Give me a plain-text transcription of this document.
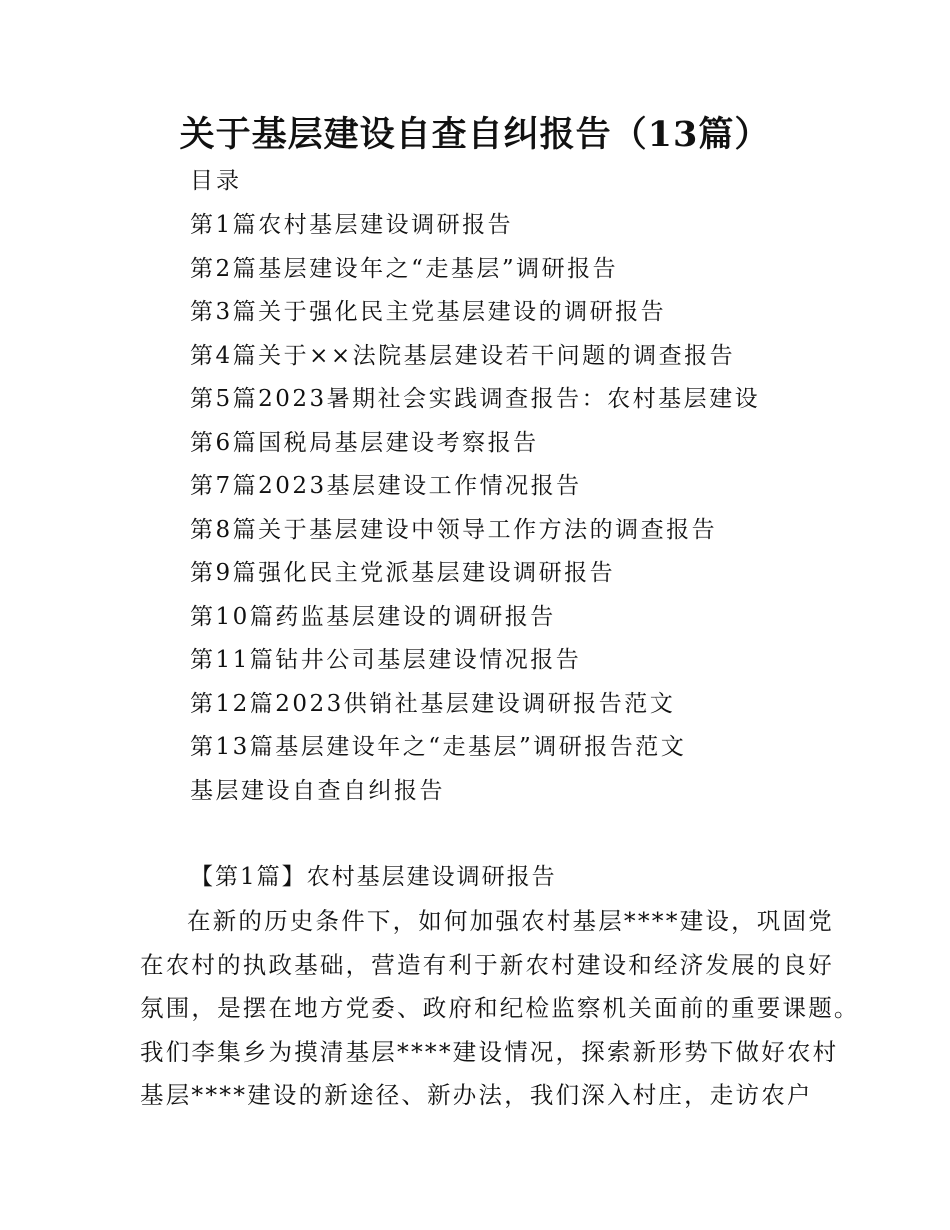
关于基层建设自查自纠报告（13篇）
目录
第1篇农村基层建设调研报告
第2篇基层建设年之“走基层”调研报告
第3篇关于强化民主党基层建设的调研报告
第4篇关于××法院基层建设若干问题的调查报告
第5篇2023暑期社会实践调查报告：农村基层建设
第6篇国税局基层建设考察报告
第7篇2023基层建设工作情况报告
第8篇关于基层建设中领导工作方法的调查报告
第9篇强化民主党派基层建设调研报告
第10篇药监基层建设的调研报告
第11篇钻井公司基层建设情况报告
第12篇2023供销社基层建设调研报告范文
第13篇基层建设年之“走基层”调研报告范文
基层建设自查自纠报告
【第1篇】农村基层建设调研报告
在新的历史条件下，如何加强农村基层****建设，巩固党
在农村的执政基础，营造有利于新农村建设和经济发展的良好
氛围，是摆在地方党委、政府和纪检监察机关面前的重要课题。
我们李集乡为摸清基层****建设情况，探索新形势下做好农村
基层****建设的新途径、新办法，我们深入村庄，走访农户
